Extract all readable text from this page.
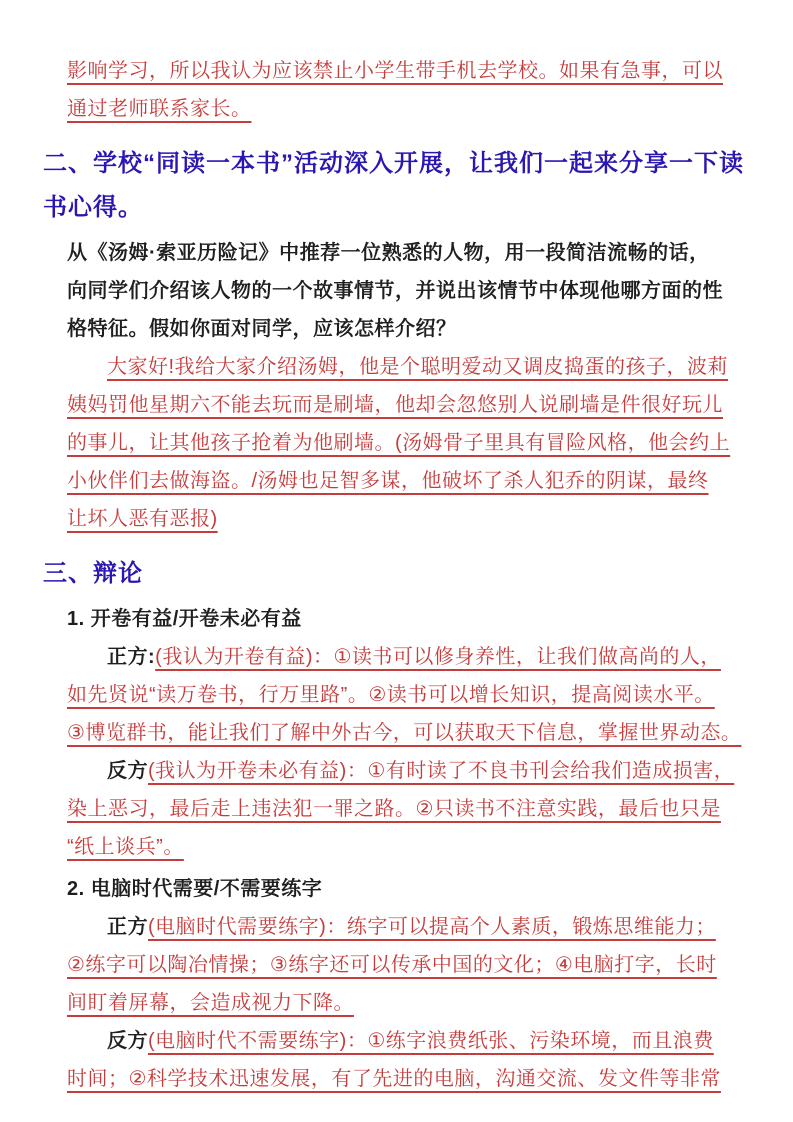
影响学习，所以我认为应该禁止小学生带手机去学校。如果有急事，可以
通过老师联系家长。
二、学校“同读一本书”活动深入开展，让我们一起来分享一下读
书心得。
从《汤姆·索亚历险记》中推荐一位熟悉的人物，用一段简洁流畅的话，
向同学们介绍该人物的一个故事情节，并说出该情节中体现他哪方面的性
格特征。假如你面对同学，应该怎样介绍？
大家好!我给大家介绍汤姆，他是个聪明爱动又调皮捣蛋的孩子，波莉
姨妈罚他星期六不能去玩而是刷墙，他却会忽悠别人说刷墙是件很好玩儿
的事儿，让其他孩子抢着为他刷墙。(汤姆骨子里具有冒险风格，他会约上
小伙伴们去做海盗。/汤姆也足智多谋，他破坏了杀人犯乔的阴谋，最终
让坏人恶有恶报)
三、辩论
1. 开卷有益/开卷未必有益
正方:(我认为开卷有益)：①读书可以修身养性，让我们做高尚的人，
如先贤说“读万卷书，行万里路”。②读书可以增长知识，提高阅读水平。
③博览群书，能让我们了解中外古今，可以获取天下信息，掌握世界动态。
反方(我认为开卷未必有益)：①有时读了不良书刊会给我们造成损害，
染上恶习，最后走上违法犯一罪之路。②只读书不注意实践，最后也只是
“纸上谈兵”。
2. 电脑时代需要/不需要练字
正方(电脑时代需要练字)：练字可以提高个人素质，锻炼思维能力；
②练字可以陶冶情操；③练字还可以传承中国的文化；④电脑打字，长时
间盯着屏幕，会造成视力下降。
反方(电脑时代不需要练字)：①练字浪费纸张、污染环境，而且浪费
时间；②科学技术迅速发展，有了先进的电脑，沟通交流、发文件等非常
